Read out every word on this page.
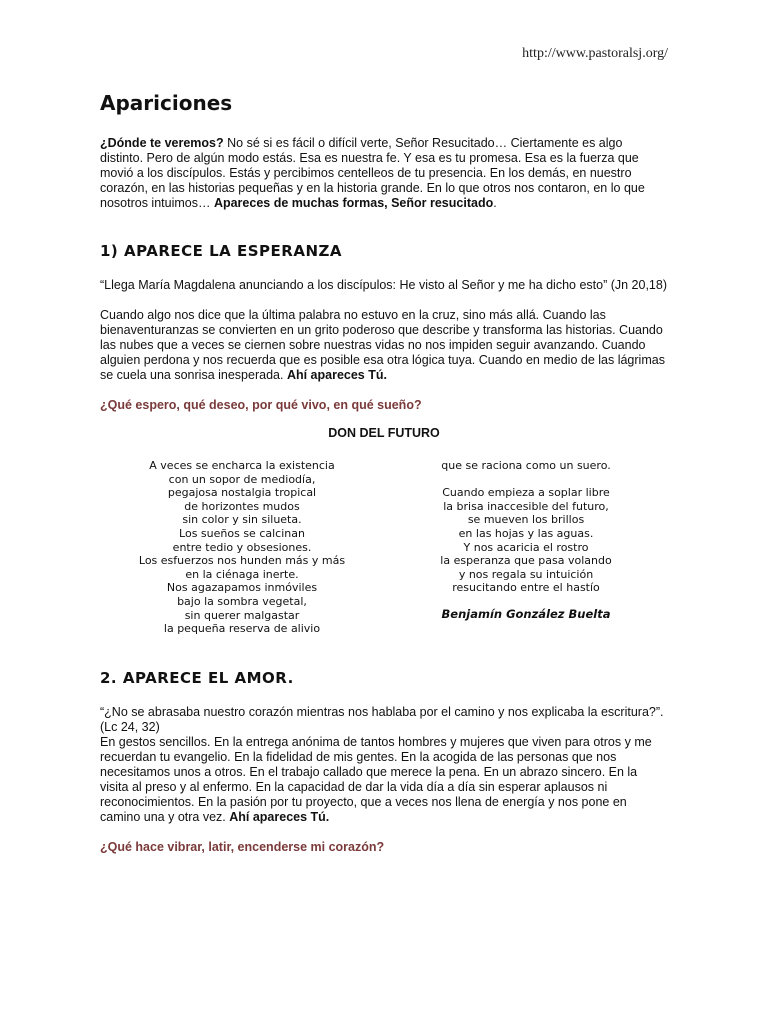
http://www.pastoralsj.org/
Apariciones

¿Dónde te veremos? No sé si es fácil o difícil verte, Señor Resucitado… Ciertamente es algo distinto. Pero de algún modo estás. Esa es nuestra fe. Y esa es tu promesa. Esa es la fuerza que movió a los discípulos. Estás y percibimos centelleos de tu presencia. En los demás, en nuestro corazón, en las historias pequeñas y en la historia grande. En lo que otros nos contaron, en lo que nosotros intuimos… Apareces de muchas formas, Señor resucitado.

1) APARECE LA ESPERANZA

“Llega María Magdalena anunciando a los discípulos: He visto al Señor y me ha dicho esto” (Jn 20,18)

Cuando algo nos dice que la última palabra no estuvo en la cruz, sino más allá. Cuando las bienaventuranzas se convierten en un grito poderoso que describe y transforma las historias. Cuando las nubes que a veces se ciernen sobre nuestras vidas no nos impiden seguir avanzando. Cuando alguien perdona y nos recuerda que es posible esa otra lógica tuya. Cuando en medio de las lágrimas se cuela una sonrisa inesperada. Ahí apareces Tú.

¿Qué espero, qué deseo, por qué vivo, en qué sueño?

DON DEL FUTURO

A veces se encharca la existencia
con un sopor de mediodía,
pegajosa nostalgia tropical
de horizontes mudos
sin color y sin silueta.
Los sueños se calcinan
entre tedio y obsesiones.
Los esfuerzos nos hunden más y más
en la ciénaga inerte.
Nos agazapamos inmóviles
bajo la sombra vegetal,
sin querer malgastar
la pequeña reserva de alivio
que se raciona como un suero.
Cuando empieza a soplar libre
la brisa inaccesible del futuro,
se mueven los brillos
en las hojas y las aguas.
Y nos acaricia el rostro
la esperanza que pasa volando
y nos regala su intuición
resucitando entre el hastío
Benjamín González Buelta
2. APARECE EL AMOR.

“¿No se abrasaba nuestro corazón mientras nos hablaba por el camino y nos explicaba la escritura?”. (Lc 24, 32)

En gestos sencillos. En la entrega anónima de tantos hombres y mujeres que viven para otros y me recuerdan tu evangelio. En la fidelidad de mis gentes. En la acogida de las personas que nos necesitamos unos a otros. En el trabajo callado que merece la pena. En un abrazo sincero. En la visita al preso y al enfermo. En la capacidad de dar la vida día a día sin esperar aplausos ni reconocimientos. En la pasión por tu proyecto, que a veces nos llena de energía y nos pone en camino una y otra vez. Ahí apareces Tú.

¿Qué hace vibrar, latir, encenderse mi corazón?
